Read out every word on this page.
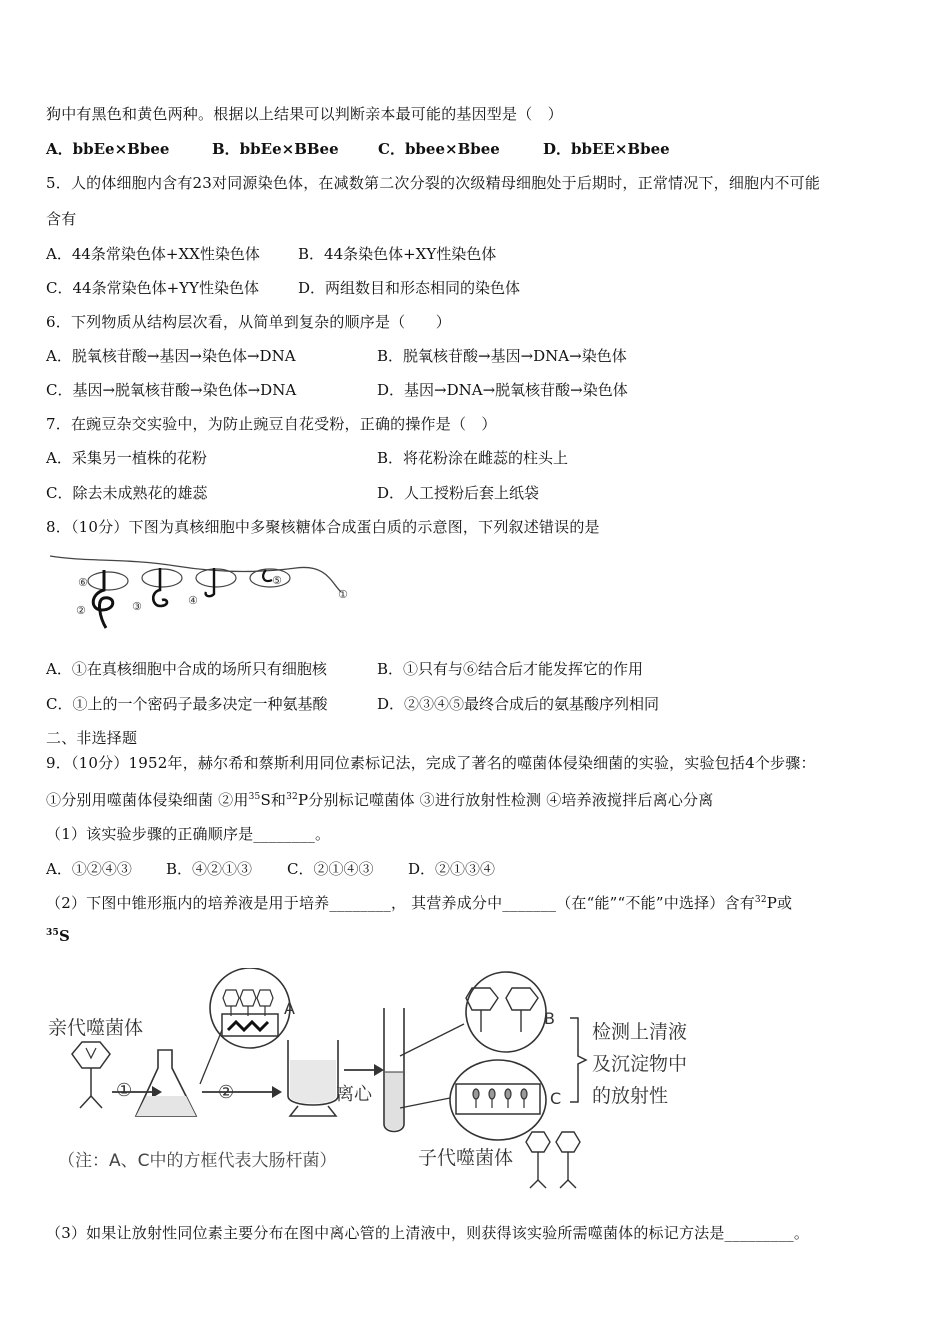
狗中有黑色和黄色两种。根据以上结果可以判断亲本最可能的基因型是（　）
A．bbEe×Bbee	B．bbEe×BBee	C．bbee×Bbee	D．bbEE×Bbee
5．人的体细胞内含有23对同源染色体，在减数第二次分裂的次级精母细胞处于后期时，正常情况下，细胞内不可能
含有
A．44条常染色体+XX性染色体	B．44条染色体+XY性染色体
C．44条常染色体+YY性染色体	D．两组数目和形态相同的染色体
6．下列物质从结构层次看，从简单到复杂的顺序是（　　）
A．脱氧核苷酸→基因→染色体→DNA	B．脱氧核苷酸→基因→DNA→染色体
C．基因→脱氧核苷酸→染色体→DNA	D．基因→DNA→脱氧核苷酸→染色体
7．在豌豆杂交实验中，为防止豌豆自花受粉，正确的操作是（　）
A．采集另一植株的花粉	B．将花粉涂在雌蕊的柱头上
C．除去未成熟花的雄蕊	D．人工授粉后套上纸袋
8．（10分）下图为真核细胞中多聚核糖体合成蛋白质的示意图，下列叙述错误的是
⑥
②	③	④
⑤
①
A．①在真核细胞中合成的场所只有细胞核	B．①只有与⑥结合后才能发挥它的作用
C．①上的一个密码子最多决定一种氨基酸	D．②③④⑤最终合成后的氨基酸序列相同
二、非选择题
9．（10分）1952年，赫尔希和蔡斯利用同位素标记法，完成了著名的噬菌体侵染细菌的实验，实验包括4个步骤：
①分别用噬菌体侵染细菌 ②用$^{35}$S和$^{32}$P分别标记噬菌体 ③进行放射性检测 ④培养液搅拌后离心分离
（1）该实验步骤的正确顺序是________。
A．①②④③ B．④②①③ C．②①④③ D．②①③④
（2）下图中锥形瓶内的培养液是用于培养________， 其营养成分中_______（在“能”“不能”中选择）含有$^{32}$P或
$^{35}$S
亲代噬菌体
①	②
A
离心
B
C
检测上清液
及沉淀物中
的放射性
（注：A、C中的方框代表大肠杆菌）	子代噬菌体
（3）如果让放射性同位素主要分布在图中离心管的上清液中，则获得该实验所需噬菌体的标记方法是_________。
